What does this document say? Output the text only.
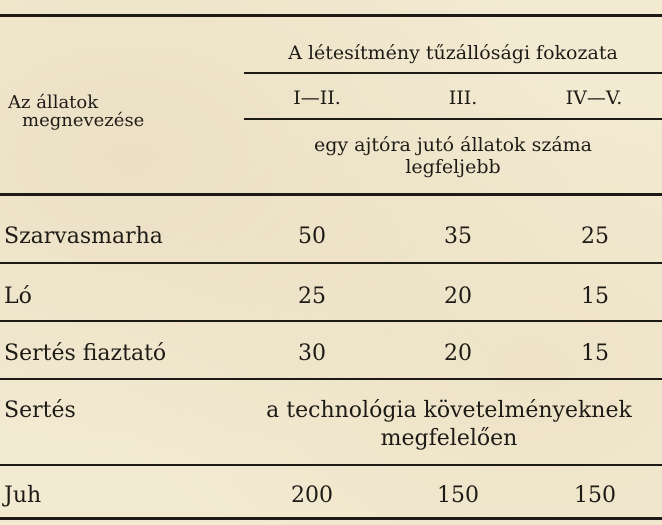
Az állatok
megnevezése
A létesítmény tűzállósági fokozata
I—II.	III.	IV—V.
egy ajtóra jutó állatok száma
legfeljebb
Szarvasmarha	50	35	25
Ló	25	20	15
Sertés fiaztató	30	20	15
Sertés	a technológia követelményeknek
megfelelően
Juh	200	150	150
